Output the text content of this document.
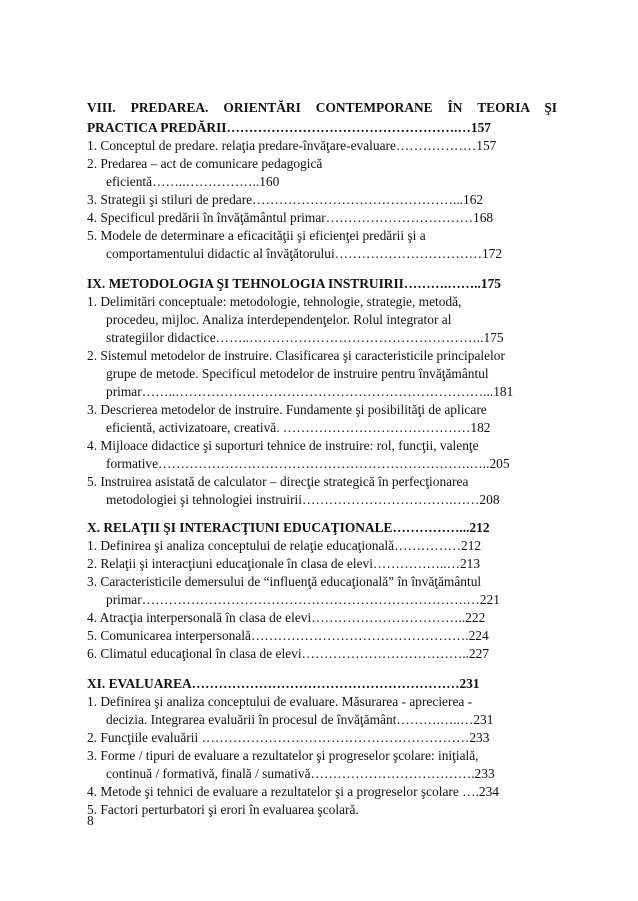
VIII. PREDAREA. ORIENTĂRI CONTEMPORANE ÎN TEORIA ŞI
PRACTICA PREDĂRII…………………………………………….…157
1. Conceptul de predare. relaţia predare-învăţare-evaluare………………157
2. Predarea – act de comunicare pedagogică
eficientă……..……………..160
3. Strategii şi stiluri de predare………………………………………...162
4. Specificul predării în învăţământul primar……………………………168
5. Modele de determinare a eficacităţii şi eficienţei predării şi a
comportamentului didactic al învăţătorului……………………………172
IX. METODOLOGIA ŞI TEHNOLOGIA INSTRUIRII……….……..175
1. Delimitări conceptuale: metodologie, tehnologie, strategie, metodă,
procedeu, mijloc. Analiza interdependenţelor. Rolul integrator al
strategiilor didactice……..……………………………………………..175
2. Sistemul metodelor de instruire. Clasificarea şi caracteristicile principalelor
grupe de metode. Specificul metodelor de instruire pentru învăţământul
primar……..……………………………………………………………...181
3. Descrierea metodelor de instruire. Fundamente şi posibilităţi de aplicare
eficientă, activizatoare, creativă. ……………………………………182
4. Mijloace didactice şi suporturi tehnice de instruire: rol, funcţii, valenţe
formative…………………………………………………………….…..205
5. Instruirea asistată de calculator – direcţie strategică în perfecţionarea
metodologiei şi tehnologiei instruirii…………………………….……208
X. RELAŢII ŞI INTERACŢIUNI EDUCAŢIONALE……………...212
1. Definirea şi analiza conceptului de relaţie educaţională……………212
2. Relaţii şi interacţiuni educaţionale în clasa de elevi……………..…213
3. Caracteristicile demersului de “influenţă educaţională” în învăţământul
primar……………………………………………………………….…221
4. Atracţia interpersonală în clasa de elevi……………………………..222
5. Comunicarea interpersonală………………………………………….224
6. Climatul educaţional în clasa de elevi………………………………..227
XI. EVALUAREA……………………………………………………231
1. Definirea şi analiza conceptului de evaluare. Măsurarea - aprecierea -
decizia. Integrarea evaluării în procesul de învăţământ……….…..…231
2. Funcţiile evaluării ……………………………………………………233
3. Forme / tipuri de evaluare a rezultatelor şi progreselor şcolare: iniţială,
continuă / formativă, finală / sumativă……………………………….233
4. Metode şi tehnici de evaluare a rezultatelor şi a progreselor şcolare ….234
5. Factori perturbatori şi erori în evaluarea şcolară.
8
